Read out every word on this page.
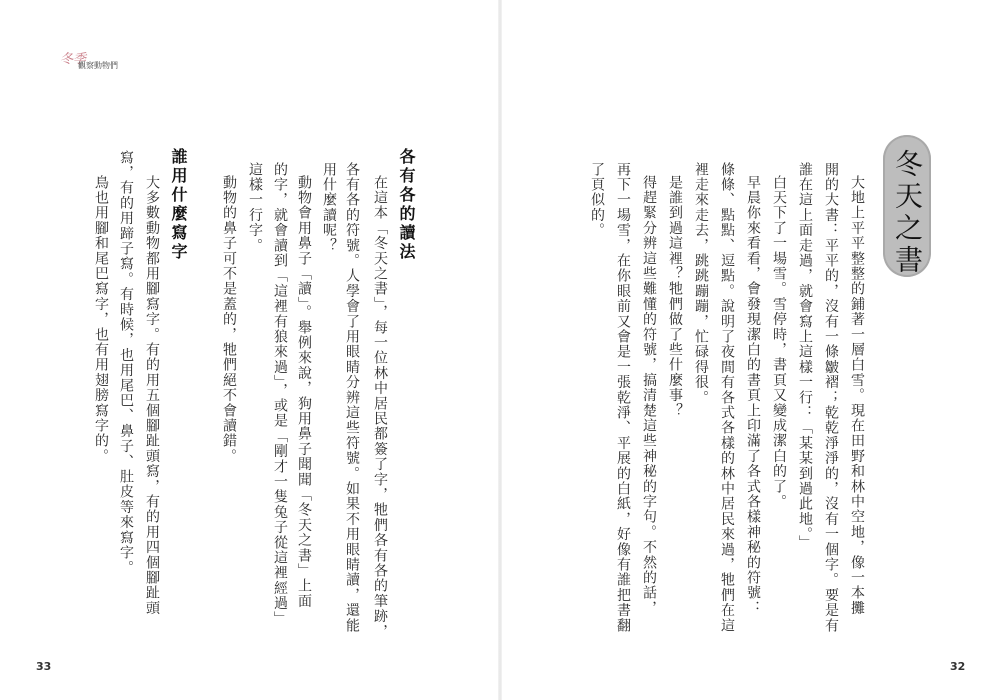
冬季
觀察動物們
各有各的讀法
在這本「冬天之書」，每一位林中居民都簽了字，牠們各有各的筆跡，
各有各的符號。人學會了用眼睛分辨這些符號。如果不用眼睛讀，還能
用什麼讀呢？
動物會用鼻子「讀」。舉例來說，狗用鼻子聞聞「冬天之書」上面
的字，就會讀到「這裡有狼來過」，或是「剛才一隻兔子從這裡經過」
這樣一行字。
動物的鼻子可不是蓋的，牠們絕不會讀錯。
誰用什麼寫字
大多數動物都用腳寫字。有的用五個腳趾頭寫，有的用四個腳趾頭
寫，有的用蹄子寫。有時候，也用尾巴、鼻子、肚皮等來寫字。
鳥也用腳和尾巴寫字，也有用翅膀寫字的。
33
冬天之書
大地上平平整整的鋪著一層白雪。現在田野和林中空地，像一本攤
開的大書：平平的，沒有一條皺褶；乾乾淨淨的，沒有一個字。要是有
誰在這上面走過，就會寫上這樣一行：「某某到過此地。」
白天下了一場雪。雪停時，書頁又變成潔白的了。
早晨你來看看，會發現潔白的書頁上印滿了各式各樣神秘的符號：
條條、點點、逗點。說明了夜間有各式各樣的林中居民來過，牠們在這
裡走來走去，跳跳蹦蹦，忙碌得很。
是誰到過這裡？牠們做了些什麼事？
得趕緊分辨這些難懂的符號，搞清楚這些神秘的字句。不然的話，
再下一場雪，在你眼前又會是一張乾淨、平展的白紙，好像有誰把書翻
了頁似的。
32
